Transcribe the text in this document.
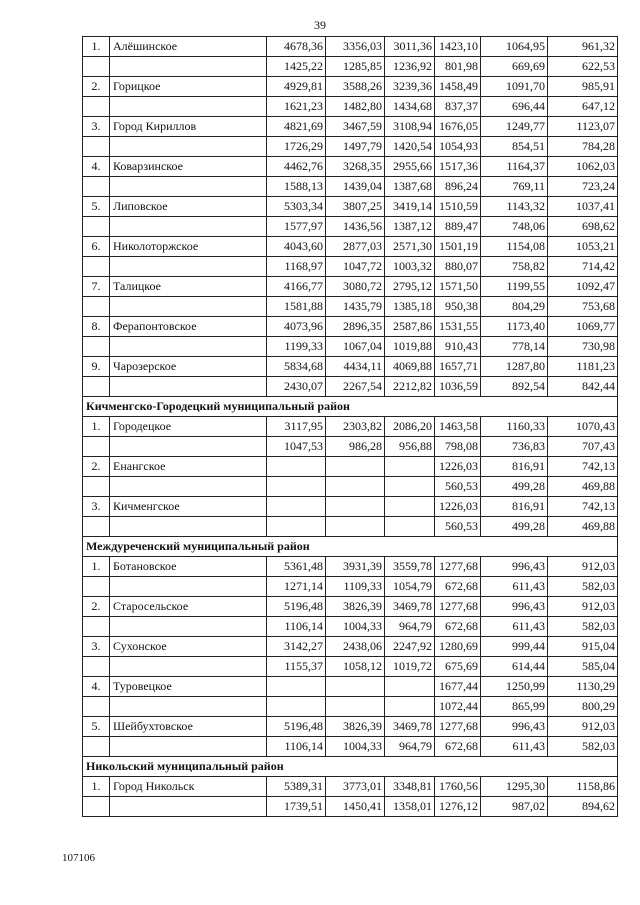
39
1.	Алёшинское	4678,36	3356,03	3011,36	1423,10	1064,95	961,32
		1425,22	1285,85	1236,92	801,98	669,69	622,53
2.	Горицкое	4929,81	3588,26	3239,36	1458,49	1091,70	985,91
		1621,23	1482,80	1434,68	837,37	696,44	647,12
3.	Город Кириллов	4821,69	3467,59	3108,94	1676,05	1249,77	1123,07
		1726,29	1497,79	1420,54	1054,93	854,51	784,28
4.	Коварзинское	4462,76	3268,35	2955,66	1517,36	1164,37	1062,03
		1588,13	1439,04	1387,68	896,24	769,11	723,24
5.	Липовское	5303,34	3807,25	3419,14	1510,59	1143,32	1037,41
		1577,97	1436,56	1387,12	889,47	748,06	698,62
6.	Николоторжское	4043,60	2877,03	2571,30	1501,19	1154,08	1053,21
		1168,97	1047,72	1003,32	880,07	758,82	714,42
7.	Талицкое	4166,77	3080,72	2795,12	1571,50	1199,55	1092,47
		1581,88	1435,79	1385,18	950,38	804,29	753,68
8.	Ферапонтовское	4073,96	2896,35	2587,86	1531,55	1173,40	1069,77
		1199,33	1067,04	1019,88	910,43	778,14	730,98
9.	Чарозерское	5834,68	4434,11	4069,88	1657,71	1287,80	1181,23
		2430,07	2267,54	2212,82	1036,59	892,54	842,44
Кичменгско-Городецкий муниципальный район							
1.	Городецкое	3117,95	2303,82	2086,20	1463,58	1160,33	1070,43
		1047,53	986,28	956,88	798,08	736,83	707,43
2.	Енангское				1226,03	816,91	742,13
					560,53	499,28	469,88
3.	Кичменгское				1226,03	816,91	742,13
					560,53	499,28	469,88
Междуреченский муниципальный район							
1.	Ботановское	5361,48	3931,39	3559,78	1277,68	996,43	912,03
		1271,14	1109,33	1054,79	672,68	611,43	582,03
2.	Старосельское	5196,48	3826,39	3469,78	1277,68	996,43	912,03
		1106,14	1004,33	964,79	672,68	611,43	582,03
3.	Сухонское	3142,27	2438,06	2247,92	1280,69	999,44	915,04
		1155,37	1058,12	1019,72	675,69	614,44	585,04
4.	Туровецкое				1677,44	1250,99	1130,29
					1072,44	865,99	800,29
5.	Шейбухтовское	5196,48	3826,39	3469,78	1277,68	996,43	912,03
		1106,14	1004,33	964,79	672,68	611,43	582,03
Никольский муниципальный район							
1.	Город Никольск	5389,31	3773,01	3348,81	1760,56	1295,30	1158,86
		1739,51	1450,41	1358,01	1276,12	987,02	894,62
107106
